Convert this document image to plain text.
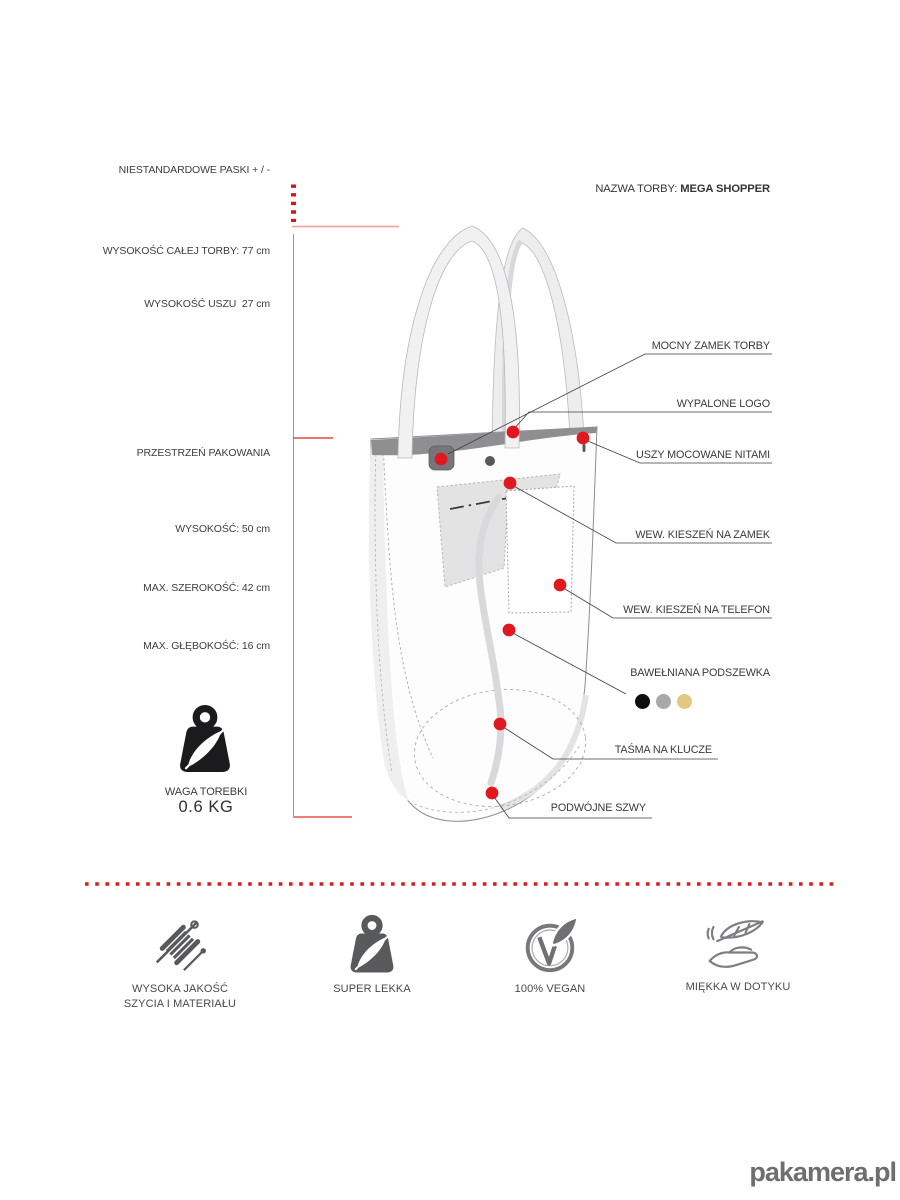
NIESTANDARDOWE PASKI + / -

WYSOKOŚĆ CAŁEJ TORBY: 77 cm

WYSOKOŚĆ USZU  27 cm

NAZWA TORBY: MEGA SHOPPER

PRZESTRZEŃ PAKOWANIA

WYSOKOŚĆ: 50 cm

MAX. SZEROKOŚĆ: 42 cm

MAX. GŁĘBOKOŚĆ: 16 cm

MOCNY ZAMEK TORBY
WYPALONE LOGO
USZY MOCOWANE NITAMI
WEW. KIESZEŃ NA ZAMEK
WEW. KIESZEŃ NA TELEFON
BAWEŁNIANA PODSZEWKA
TAŚMA NA KLUCZE
PODWÓJNE SZWY
WAGA TOREBKI
0.6 KG
WYSOKA JAKOŚĆ
SZYCIA I MATERIAŁU
SUPER LEKKA	100% VEGAN	MIĘKKA W DOTYKU
pakamera.pl
